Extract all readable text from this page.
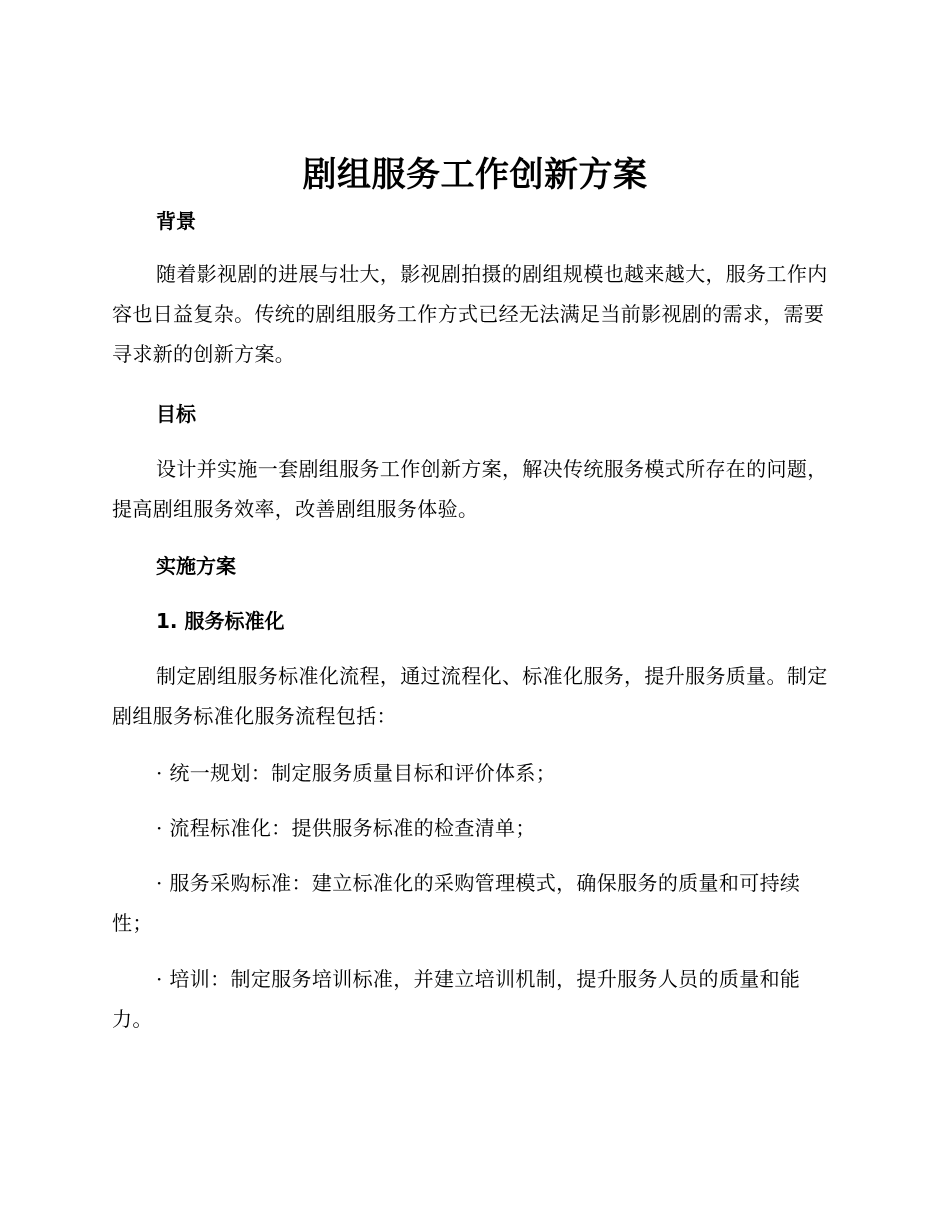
剧组服务工作创新方案
背景
随着影视剧的进展与壮大，影视剧拍摄的剧组规模也越来越大，服务工作内容也日益复杂。传统的剧组服务工作方式已经无法满足当前影视剧的需求，需要寻求新的创新方案。
目标
设计并实施一套剧组服务工作创新方案，解决传统服务模式所存在的问题，提高剧组服务效率，改善剧组服务体验。
实施方案
1. 服务标准化
制定剧组服务标准化流程，通过流程化、标准化服务，提升服务质量。制定剧组服务标准化服务流程包括：
· 统一规划：制定服务质量目标和评价体系；
· 流程标准化：提供服务标准的检查清单；
· 服务采购标准：建立标准化的采购管理模式，确保服务的质量和可持续性；
· 培训：制定服务培训标准，并建立培训机制，提升服务人员的质量和能力。
